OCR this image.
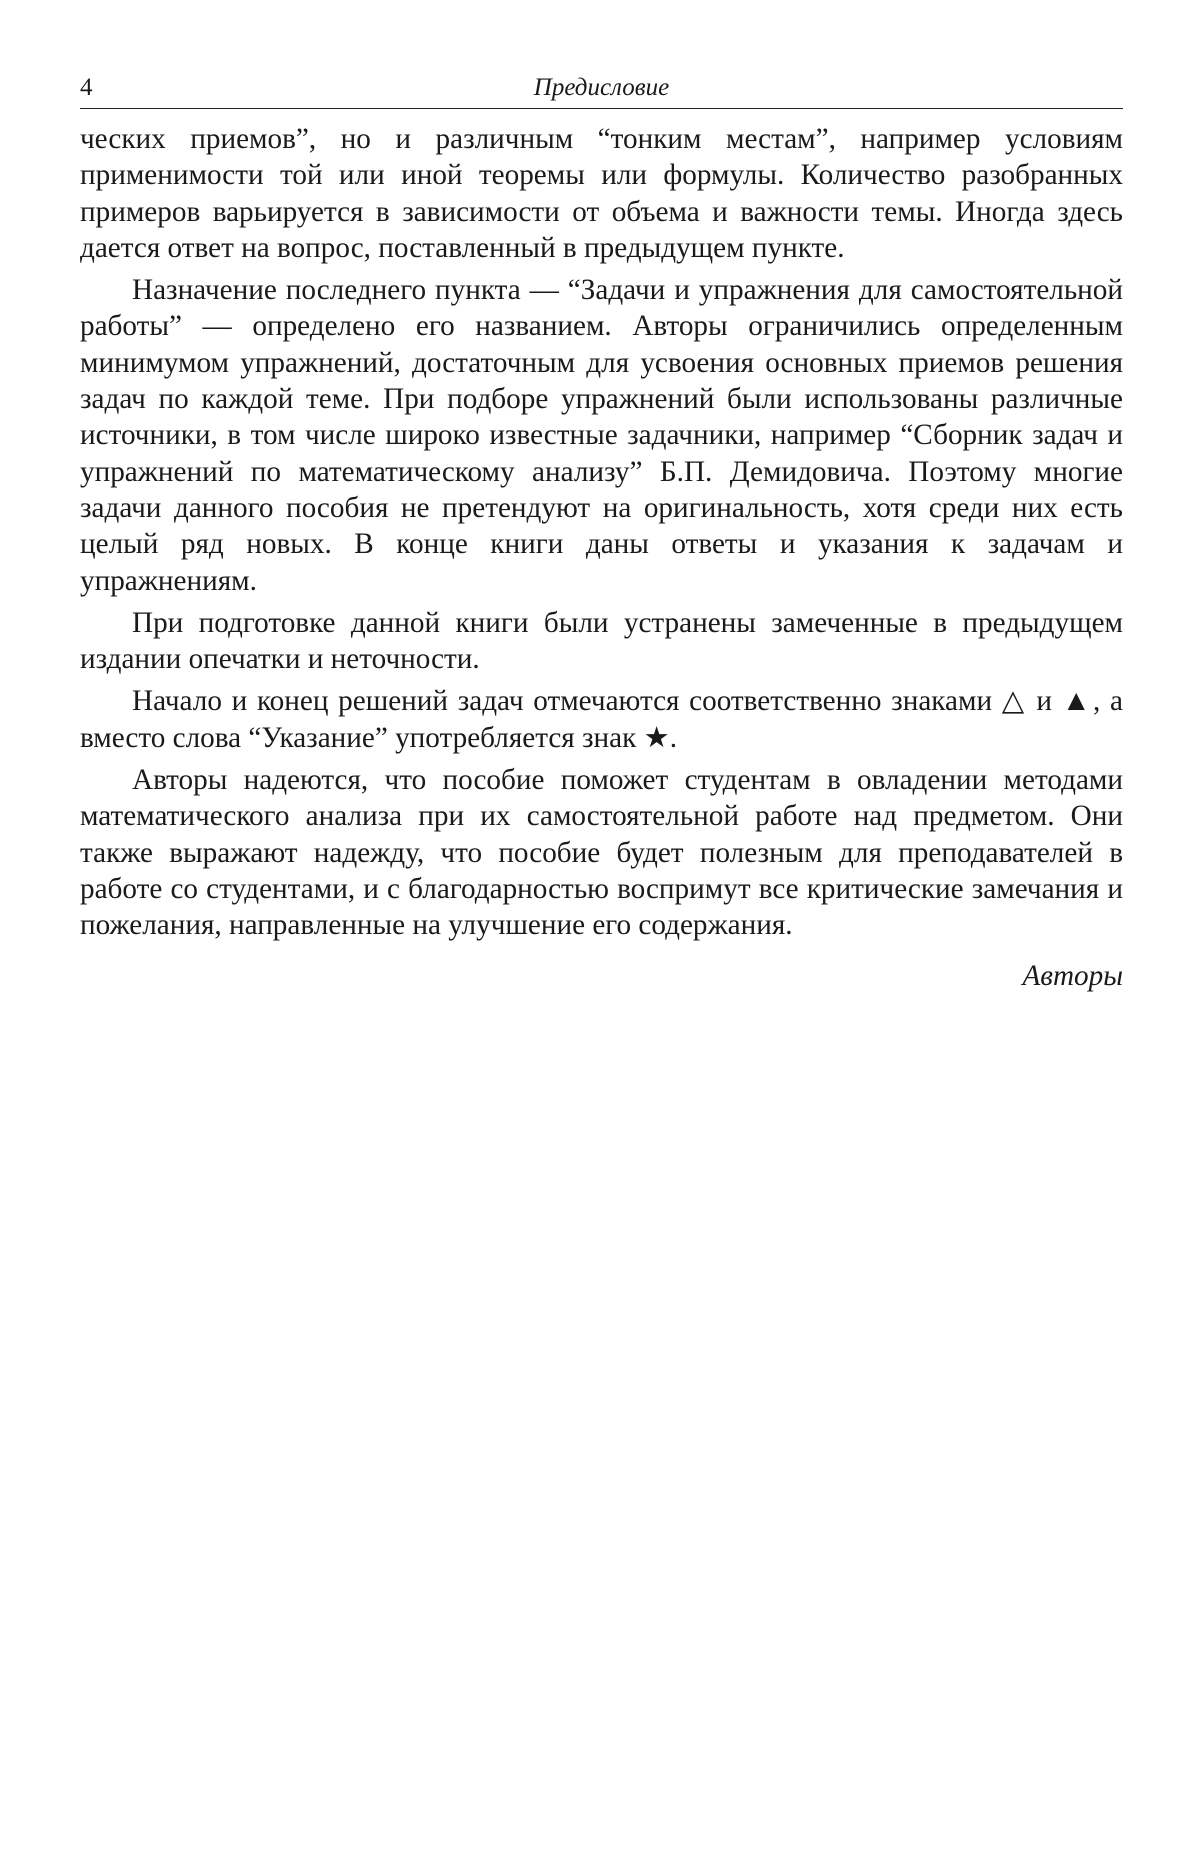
4	Предисловие

ческих приемов”, но и различным “тонким местам”, например условиям применимости той или иной теоремы или формулы. Количество разобранных примеров варьируется в зависимости от объема и важности темы. Иногда здесь дается ответ на вопрос, поставленный в предыдущем пункте.

Назначение последнего пункта — “Задачи и упражнения для самостоятельной работы” — определено его названием. Авторы ограничились определенным минимумом упражнений, достаточным для усвоения основных приемов решения задач по каждой теме. При подборе упражнений были использованы различные источники, в том числе широко известные задачники, например “Сборник задач и упражнений по математическому анализу” Б.П. Демидовича. Поэтому многие задачи данного пособия не претендуют на оригинальность, хотя среди них есть целый ряд новых. В конце книги даны ответы и указания к задачам и упражнениям.

При подготовке данной книги были устранены замеченные в предыдущем издании опечатки и неточности.

Начало и конец решений задач отмечаются соответственно знаками △ и ▲, а вместо слова “Указание” употребляется знак ★.

Авторы надеются, что пособие поможет студентам в овладении методами математического анализа при их самостоятельной работе над предметом. Они также выражают надежду, что пособие будет полезным для преподавателей в работе со студентами, и с благодарностью воспримут все критические замечания и пожелания, направленные на улучшение его содержания.

Авторы
